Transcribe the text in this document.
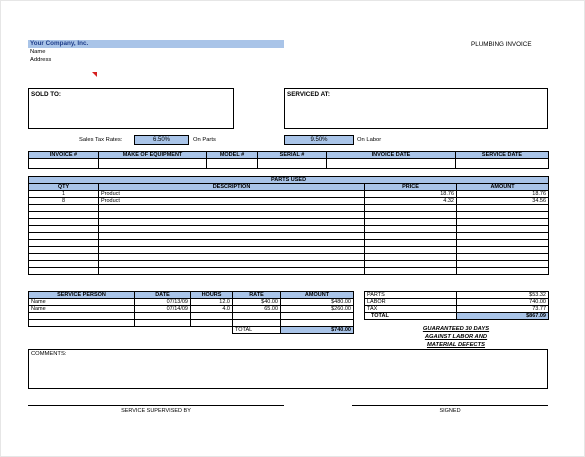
Your Company, Inc.
Name
Address
PLUMBING INVOICE
SOLD TO:	SERVICED AT:
Sales Tax Rates:	6.50%	On Parts	9.50%	On Labor
INVOICE #	MAKE OF EQUIPMENT	MODEL #	SERIAL #	INVOICE DATE	SERVICE DATE

PARTS USED			
QTY	DESCRIPTION	PRICE	AMOUNT
1	Product	18.76	18.76
8	Product	4.32	34.56

SERVICE PERSON	DATE	HOURS	RATE	AMOUNT
Name	07/13/09	12.0	$40.00	$480.00
Name	07/14/09	4.0	65.00	$260.00

			TOTAL	$740.00
PARTS	$53.32
LABOR	740.00
TAX	73.77
TOTAL	$867.09
GUARANTEED 30 DAYS
AGAINST LABOR AND
MATERIAL DEFECTS
COMMENTS:
SERVICE SUPERVISED BY	SIGNED
